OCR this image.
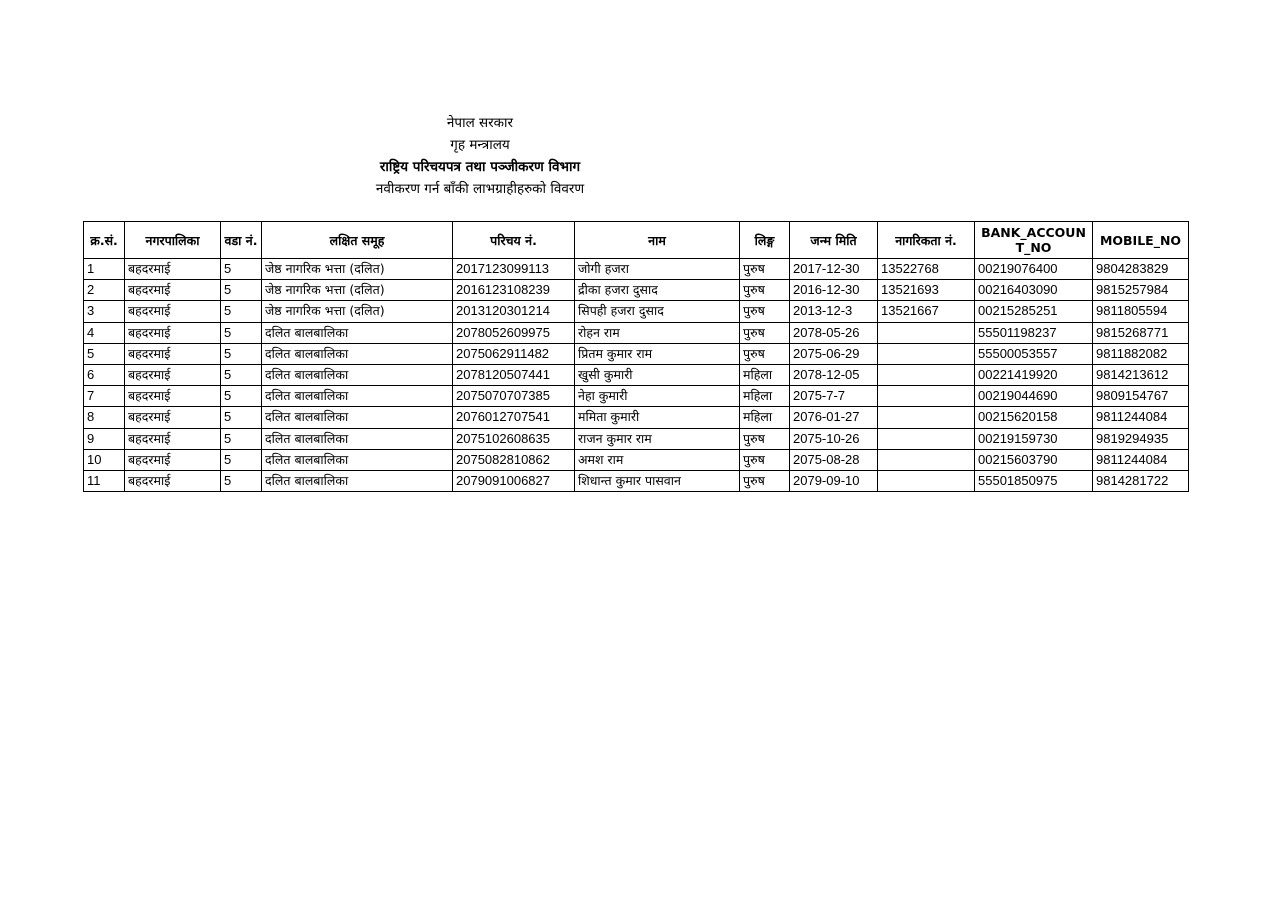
नेपाल सरकार
गृह मन्त्रालय
राष्ट्रिय परिचयपत्र तथा पञ्जीकरण विभाग
नवीकरण गर्न बाँकी लाभग्राहीहरुको विवरण
क्र.सं.	नगरपालिका	वडा नं.	लक्षित समूह	परिचय नं.	नाम	लिङ्ग	जन्म मिति	नागरिकता नं.	BANK_ACCOUNT_NO	MOBILE_NO
1	बहदरमाई	5	जेष्ठ नागरिक भत्ता (दलित)	2017123099113	जोगी हजरा	पुरुष	2017-12-30	13522768	00219076400	9804283829
2	बहदरमाई	5	जेष्ठ नागरिक भत्ता (दलित)	2016123108239	द्रीका हजरा दुसाद	पुरुष	2016-12-30	13521693	00216403090	9815257984
3	बहदरमाई	5	जेष्ठ नागरिक भत्ता (दलित)	2013120301214	सिपही हजरा दुसाद	पुरुष	2013-12-3	13521667	00215285251	9811805594
4	बहदरमाई	5	दलित बालबालिका	2078052609975	रोहन राम	पुरुष	2078-05-26		55501198237	9815268771
5	बहदरमाई	5	दलित बालबालिका	2075062911482	प्रितम कुमार राम	पुरुष	2075-06-29		55500053557	9811882082
6	बहदरमाई	5	दलित बालबालिका	2078120507441	खुसी कुमारी	महिला	2078-12-05		00221419920	9814213612
7	बहदरमाई	5	दलित बालबालिका	2075070707385	नेहा कुमारी	महिला	2075-7-7		00219044690	9809154767
8	बहदरमाई	5	दलित बालबालिका	2076012707541	ममिता कुमारी	महिला	2076-01-27		00215620158	9811244084
9	बहदरमाई	5	दलित बालबालिका	2075102608635	राजन कुमार राम	पुरुष	2075-10-26		00219159730	9819294935
10	बहदरमाई	5	दलित बालबालिका	2075082810862	अमश राम	पुरुष	2075-08-28		00215603790	9811244084
11	बहदरमाई	5	दलित बालबालिका	2079091006827	शिधान्त कुमार पासवान	पुरुष	2079-09-10		55501850975	9814281722
